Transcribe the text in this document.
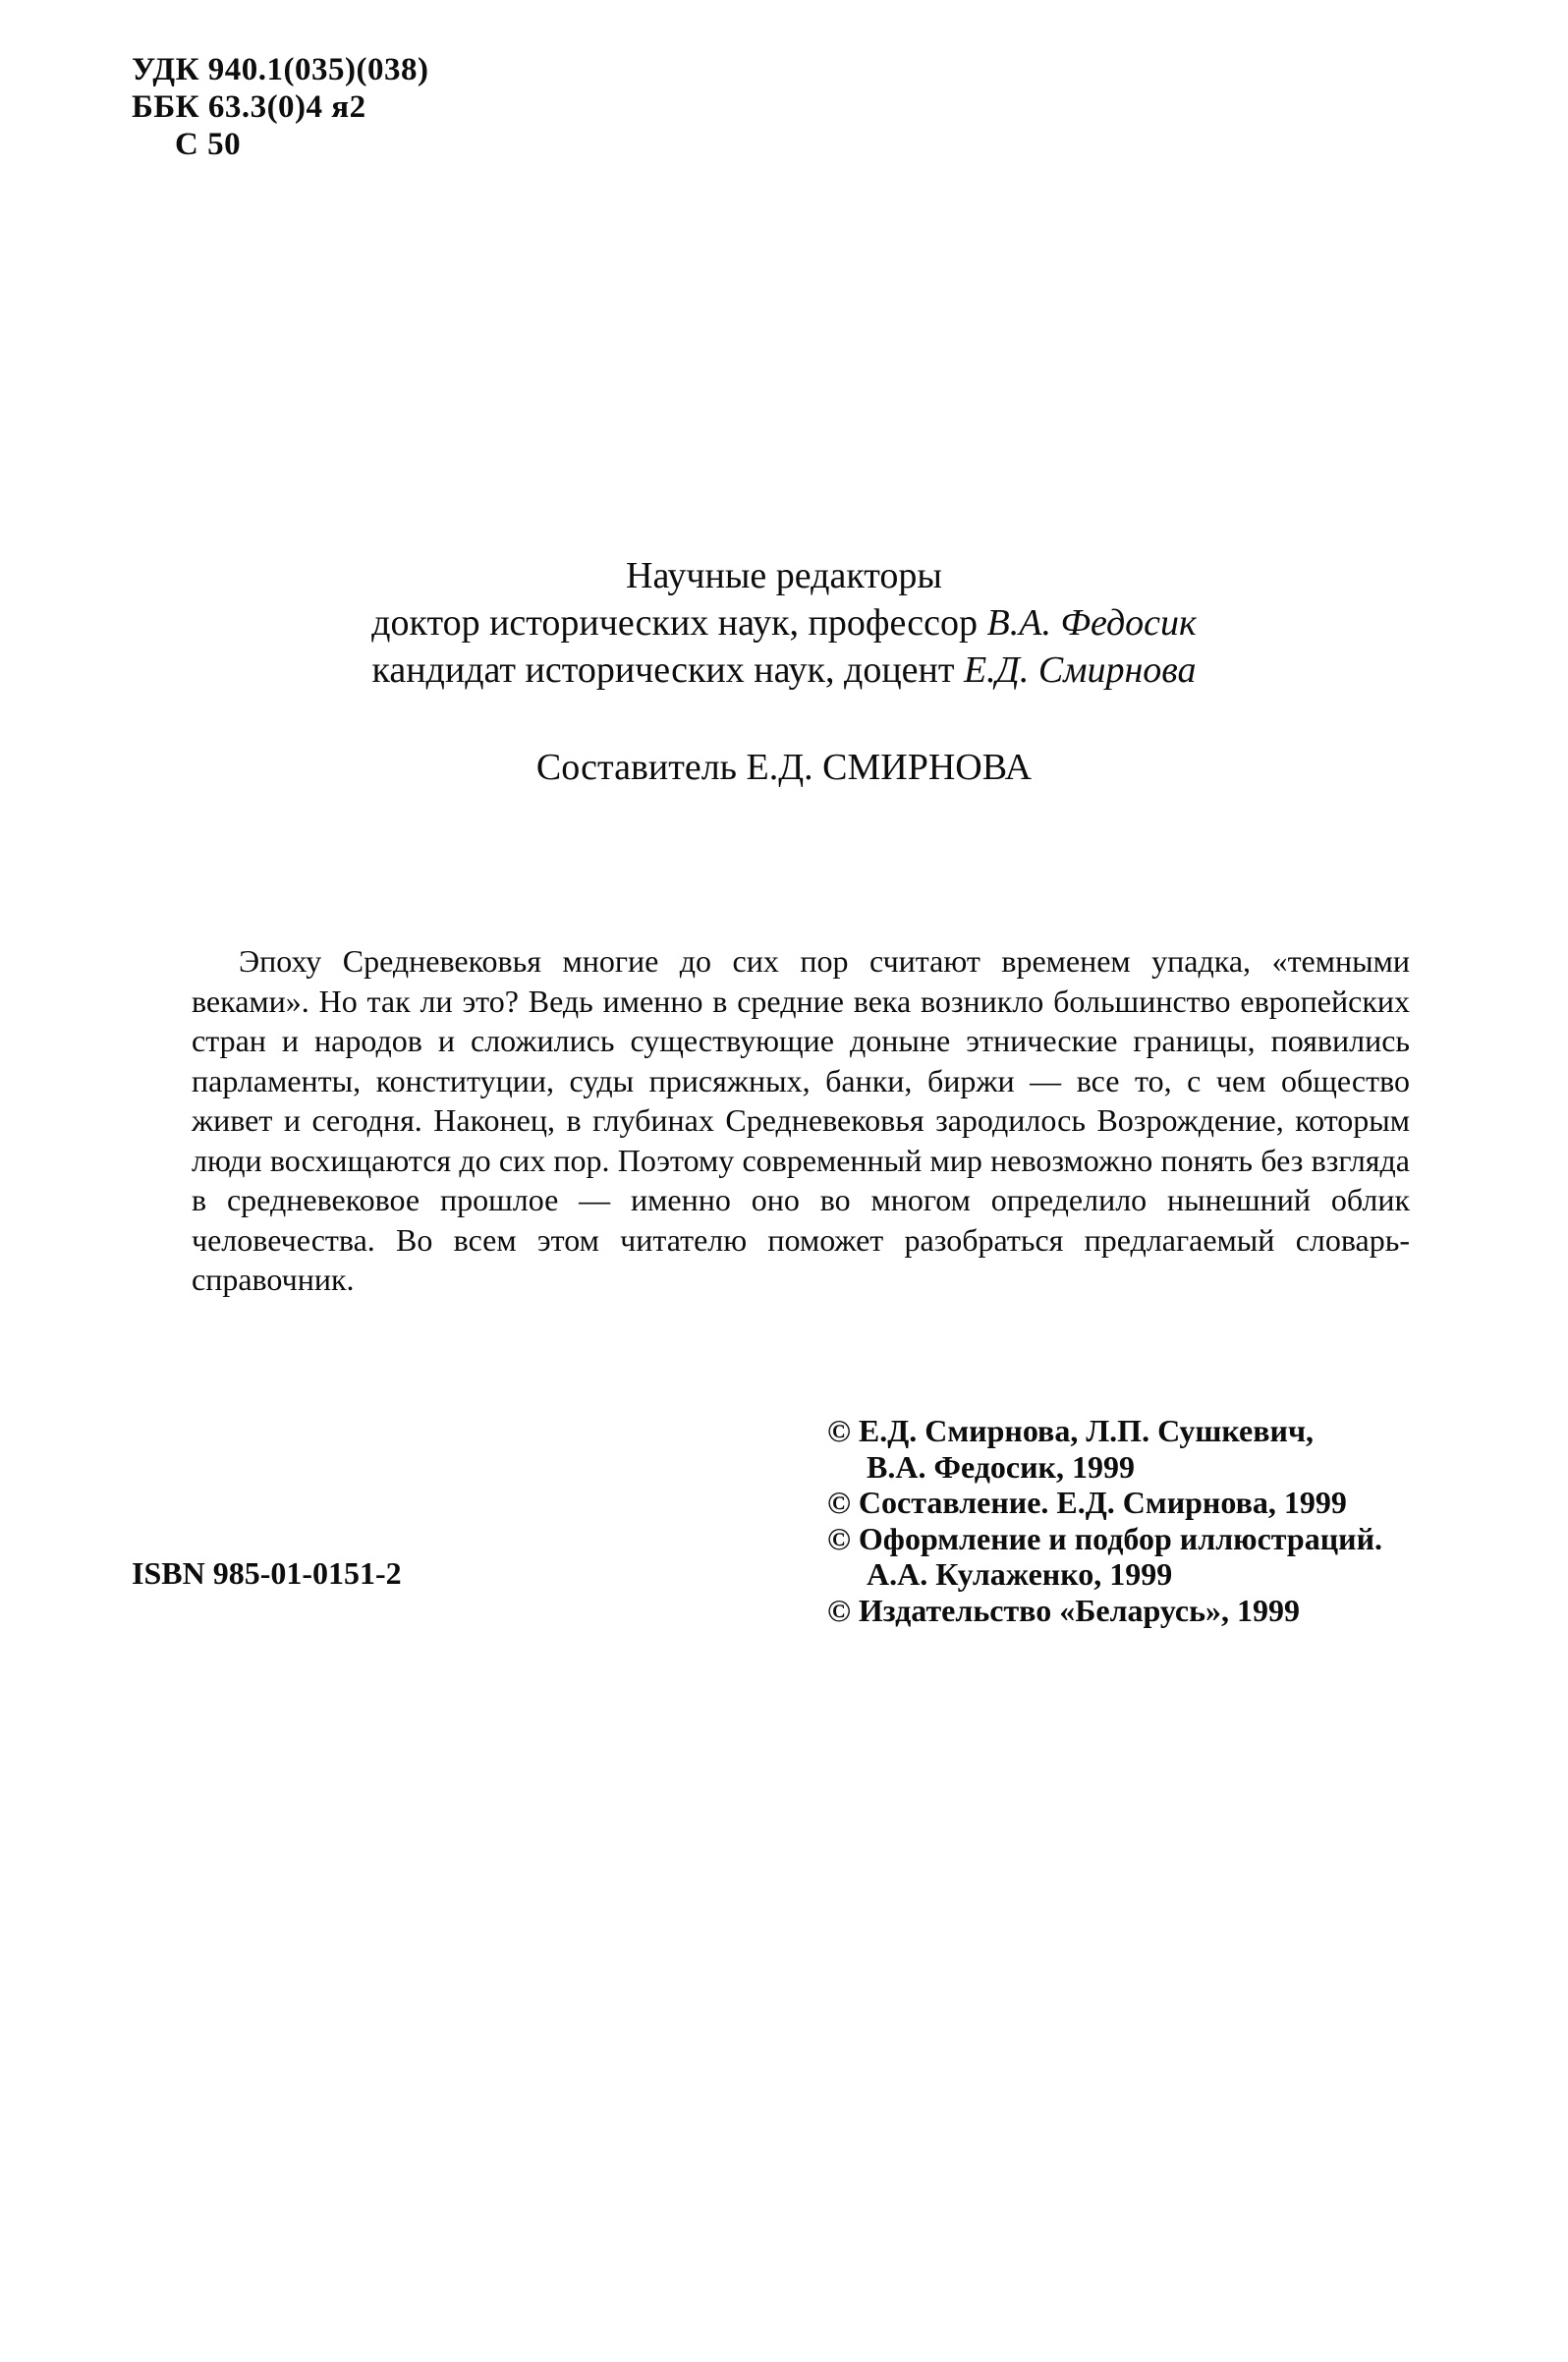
УДК 940.1(035)(038)
ББК 63.3(0)4 я2
С 50
Научные редакторы
доктор исторических наук, профессор В.А. Федосик
кандидат исторических наук, доцент Е.Д. Смирнова
Составитель Е.Д. СМИРНОВА

Эпоху Средневековья многие до сих пор считают временем упадка, «темными веками». Но так ли это? Ведь именно в средние века возникло большинство европейских стран и народов и сложились существующие доныне этнические границы, появились парламенты, конституции, суды присяжных, банки, биржи — все то, с чем общество живет и сегодня. Наконец, в глубинах Средневековья зародилось Возрождение, которым люди восхищаются до сих пор. Поэтому современный мир невозможно понять без взгляда в средневековое прошлое — именно оно во многом определило нынешний облик человечества. Во всем этом читателю поможет разобраться предлагаемый словарь-справочник.

ISBN 985-01-0151-2
© Е.Д. Смирнова, Л.П. Сушкевич,
В.А. Федосик, 1999
© Составление. Е.Д. Смирнова, 1999
© Оформление и подбор иллюстраций.
А.А. Кулаженко, 1999
© Издательство «Беларусь», 1999
